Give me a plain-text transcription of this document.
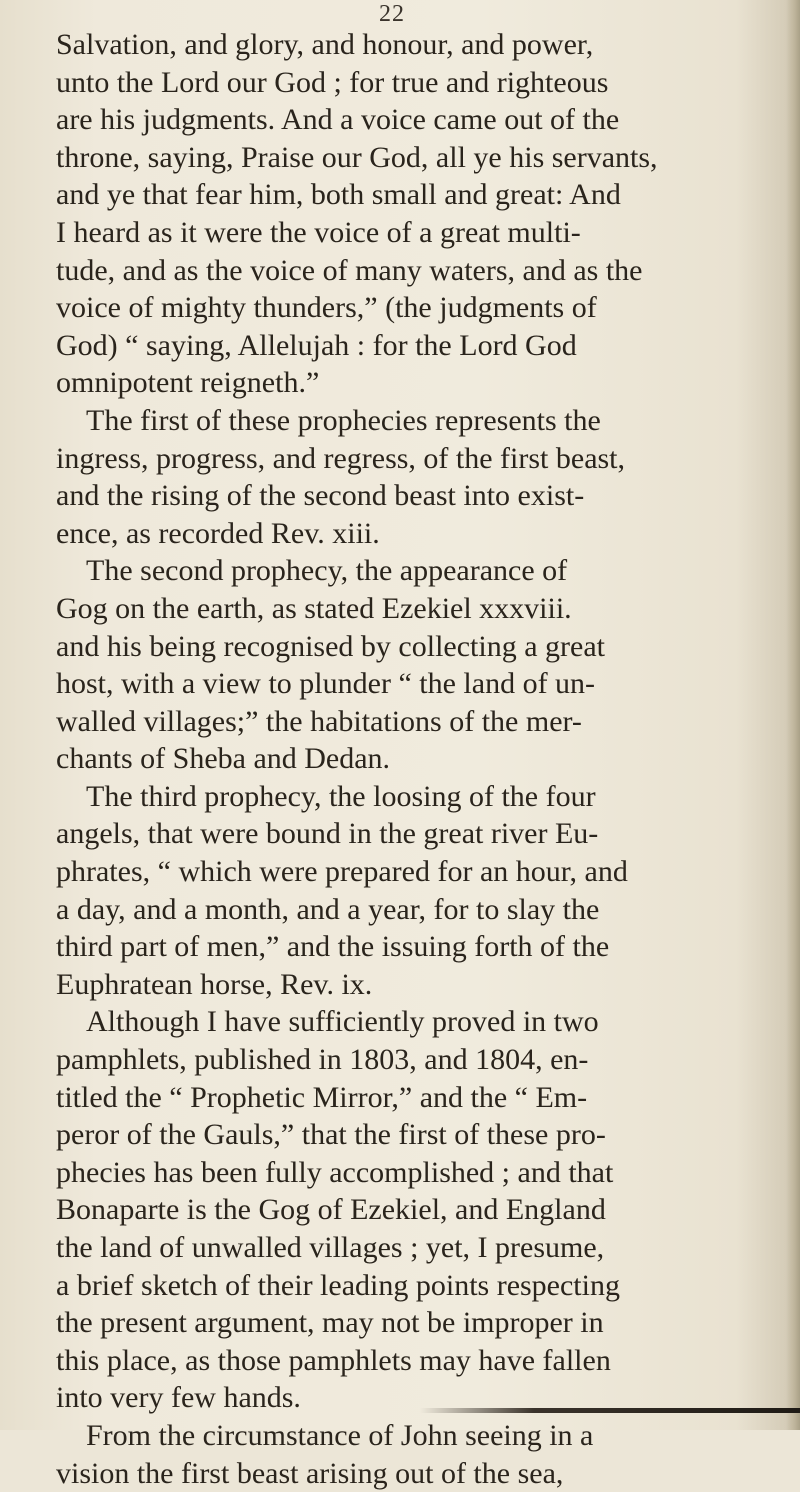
22
Salvation, and glory, and honour, and power,
unto the Lord our God ; for true and righteous
are his judgments. And a voice came out of the
throne, saying, Praise our God, all ye his servants,
and ye that fear him, both small and great: And
I heard as it were the voice of a great multi-
tude, and as the voice of many waters, and as the
voice of mighty thunders,” (the judgments of
God) “ saying, Allelujah : for the Lord God
omnipotent reigneth.”
The first of these prophecies represents the
ingress, progress, and regress, of the first beast,
and the rising of the second beast into exist-
ence, as recorded Rev. xiii.
The second prophecy, the appearance of
Gog on the earth, as stated Ezekiel xxxviii.
and his being recognised by collecting a great
host, with a view to plunder “ the land of un-
walled villages;” the habitations of the mer-
chants of Sheba and Dedan.
The third prophecy, the loosing of the four
angels, that were bound in the great river Eu-
phrates, “ which were prepared for an hour, and
a day, and a month, and a year, for to slay the
third part of men,” and the issuing forth of the
Euphratean horse, Rev. ix.
Although I have sufficiently proved in two
pamphlets, published in 1803, and 1804, en-
titled the “ Prophetic Mirror,” and the “ Em-
peror of the Gauls,” that the first of these pro-
phecies has been fully accomplished ; and that
Bonaparte is the Gog of Ezekiel, and England
the land of unwalled villages ; yet, I presume,
a brief sketch of their leading points respecting
the present argument, may not be improper in
this place, as those pamphlets may have fallen
into very few hands.
From the circumstance of John seeing in a
vision the first beast arising out of the sea,
